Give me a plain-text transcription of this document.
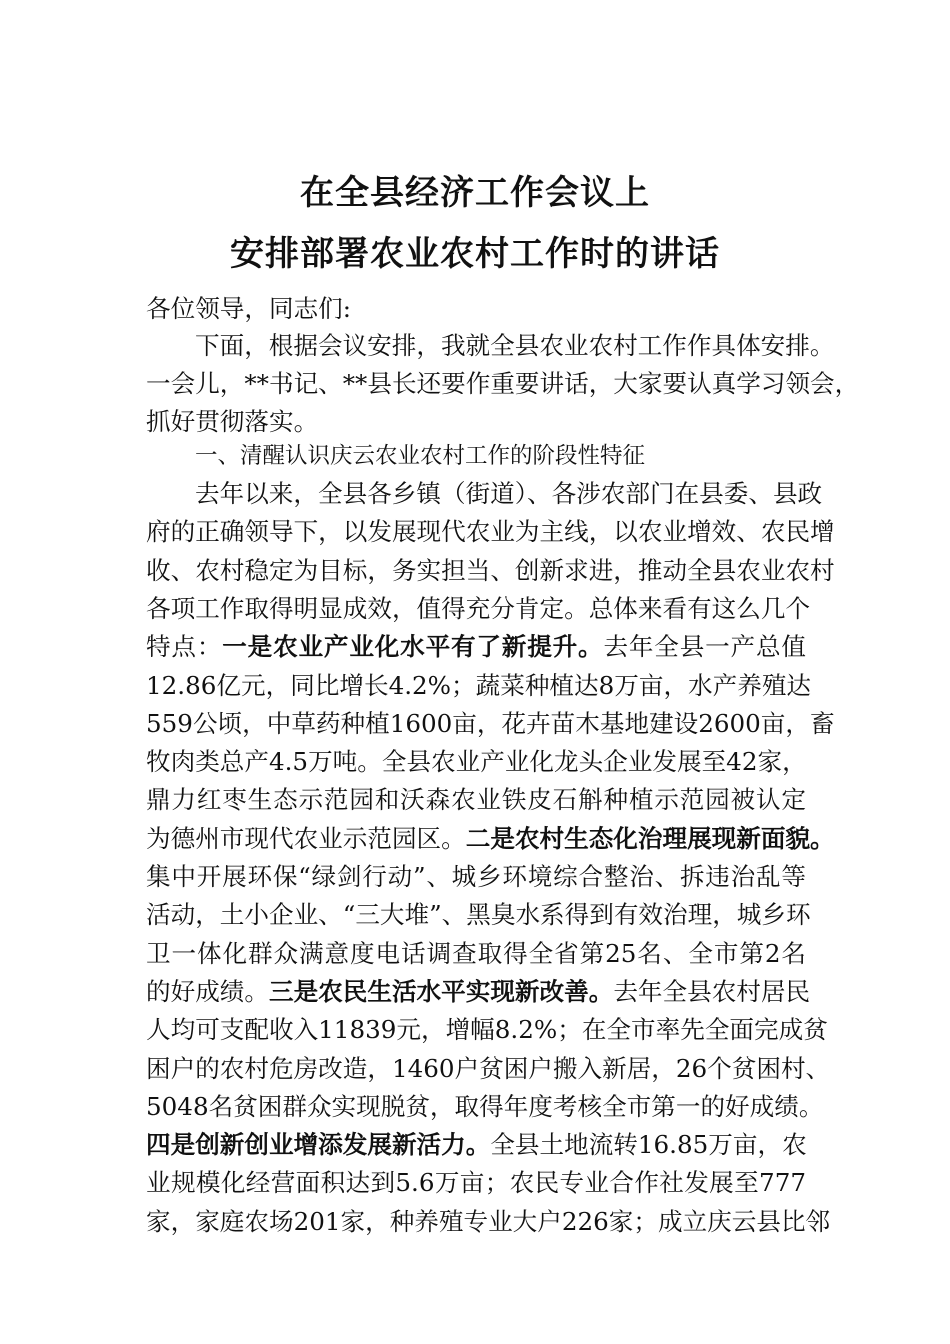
在全县经济工作会议上
安排部署农业农村工作时的讲话

各位领导，同志们:

下面，根据会议安排，我就全县农业农村工作作具体安排。

一会儿，**书记、**县长还要作重要讲话，大家要认真学习领会，

抓好贯彻落实。

一、清醒认识庆云农业农村工作的阶段性特征

去年以来，全县各乡镇（街道）、各涉农部门在县委、县政

府的正确领导下，以发展现代农业为主线，以农业增效、农民增

收、农村稳定为目标，务实担当、创新求进，推动全县农业农村

各项工作取得明显成效，值得充分肯定。总体来看有这么几个

特点：一是农业产业化水平有了新提升。去年全县一产总值

12.86亿元，同比增长4.2%；蔬菜种植达8万亩，水产养殖达

559公顷，中草药种植1600亩，花卉苗木基地建设2600亩，畜

牧肉类总产4.5万吨。全县农业产业化龙头企业发展至42家，

鼎力红枣生态示范园和沃森农业铁皮石斛种植示范园被认定

为德州市现代农业示范园区。二是农村生态化治理展现新面貌。

集中开展环保“绿剑行动”、城乡环境综合整治、拆违治乱等

活动，土小企业、“三大堆”、黑臭水系得到有效治理，城乡环

卫一体化群众满意度电话调查取得全省第25名、全市第2名

的好成绩。三是农民生活水平实现新改善。去年全县农村居民

人均可支配收入11839元，增幅8.2%；在全市率先全面完成贫

困户的农村危房改造，1460户贫困户搬入新居，26个贫困村、

5048名贫困群众实现脱贫，取得年度考核全市第一的好成绩。

四是创新创业增添发展新活力。全县土地流转16.85万亩，农

业规模化经营面积达到5.6万亩；农民专业合作社发展至777

家，家庭农场201家，种养殖专业大户226家；成立庆云县比邻
